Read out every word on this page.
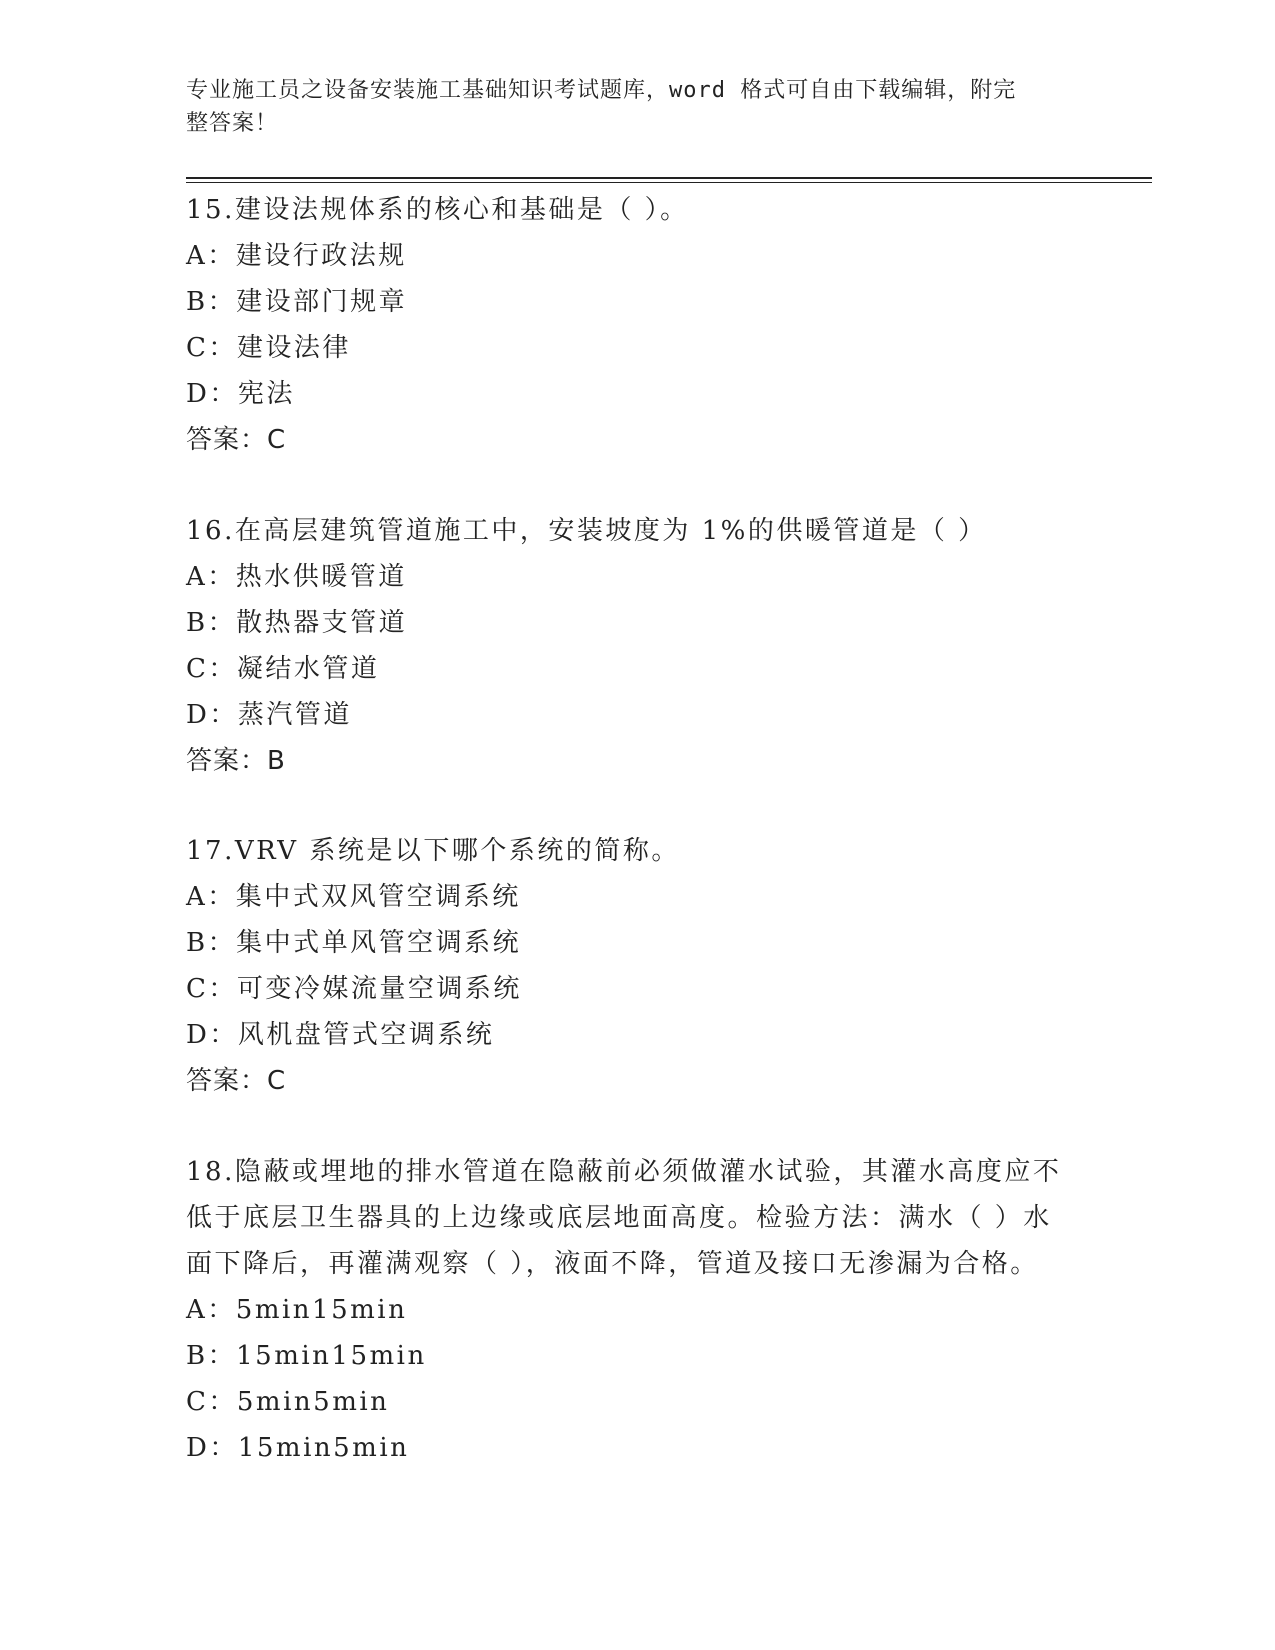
专业施工员之设备安装施工基础知识考试题库，word 格式可自由下载编辑，附完
整答案！

15.建设法规体系的核心和基础是（ ）。

A：建设行政法规

B：建设部门规章

C：建设法律

D：宪法

答案：C

16.在高层建筑管道施工中，安装坡度为 1%的供暖管道是（ ）

A：热水供暖管道

B：散热器支管道

C：凝结水管道

D：蒸汽管道

答案：B

17.VRV 系统是以下哪个系统的简称。

A：集中式双风管空调系统

B：集中式单风管空调系统

C：可变冷媒流量空调系统

D：风机盘管式空调系统

答案：C

18.隐蔽或埋地的排水管道在隐蔽前必须做灌水试验，其灌水高度应不

低于底层卫生器具的上边缘或底层地面高度。检验方法：满水（ ）水

面下降后，再灌满观察（ ），液面不降，管道及接口无渗漏为合格。

A：5min15min

B：15min15min

C：5min5min

D：15min5min
